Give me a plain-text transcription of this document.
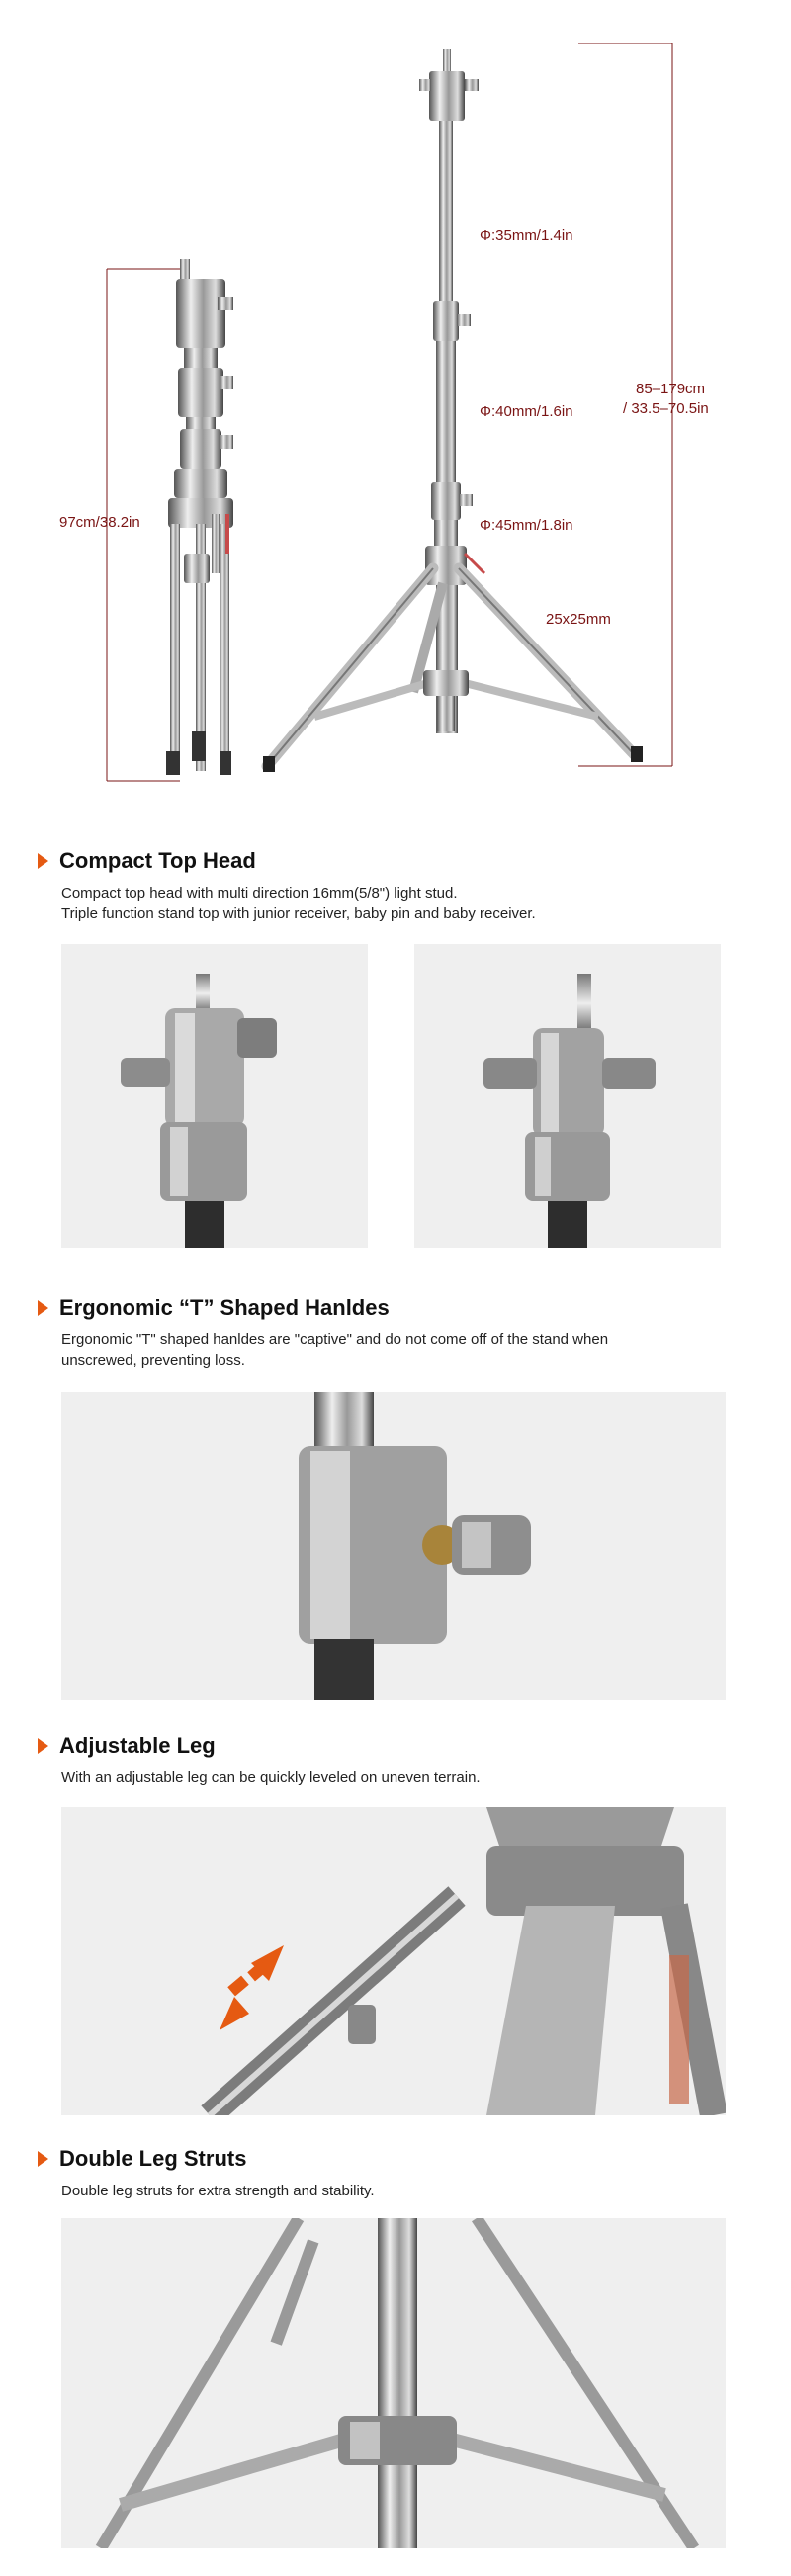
97cm/38.2in
Φ:35mm/1.4in
Φ:40mm/1.6in
Φ:45mm/1.8in
85–179cm
/ 33.5–70.5in
25x25mm
Compact Top Head
Compact top head with multi direction 16mm(5/8") light stud.
Triple function stand top with junior receiver, baby pin and baby receiver.
Ergonomic “T” Shaped Hanldes
Ergonomic "T" shaped hanldes are "captive" and do not come off of the stand when
unscrewed, preventing loss.
Adjustable Leg
With an adjustable leg can be quickly leveled on uneven terrain.
Double Leg Struts
Double leg struts for extra strength and stability.
